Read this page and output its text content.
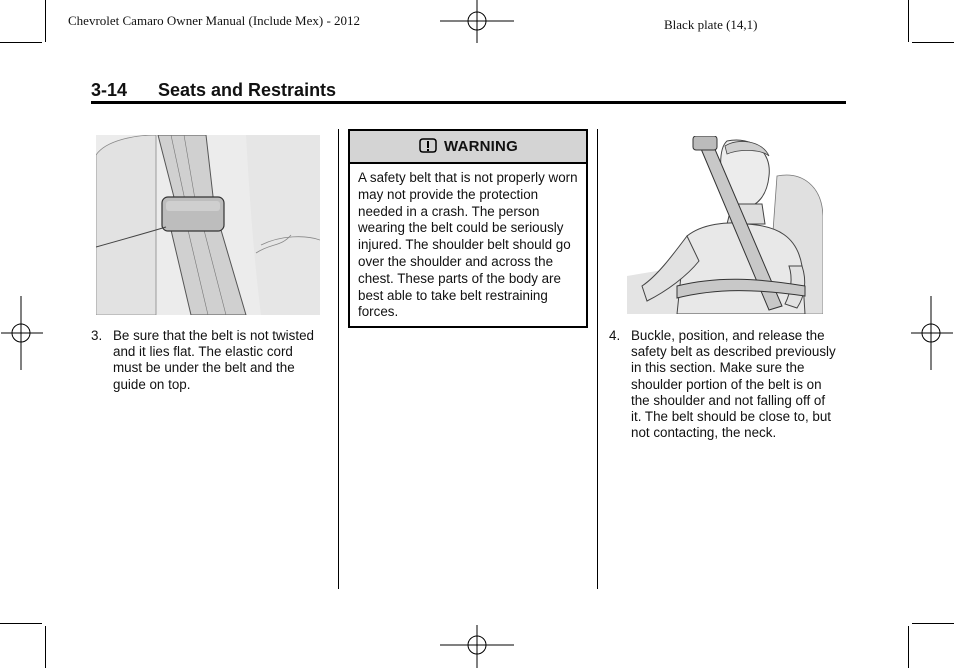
Chevrolet Camaro Owner Manual (Include Mex) - 2012	Black plate (14,1)
3-14 Seats and Restraints
3. Be sure that the belt is not twisted and it lies flat. The elastic cord must be under the belt and the guide on top.
WARNING
A safety belt that is not properly worn may not provide the protection needed in a crash. The person wearing the belt could be seriously injured. The shoulder belt should go over the shoulder and across the chest. These parts of the body are best able to take belt restraining forces.
4. Buckle, position, and release the safety belt as described previously in this section. Make sure the shoulder portion of the belt is on the shoulder and not falling off of it. The belt should be close to, but not contacting, the neck.
